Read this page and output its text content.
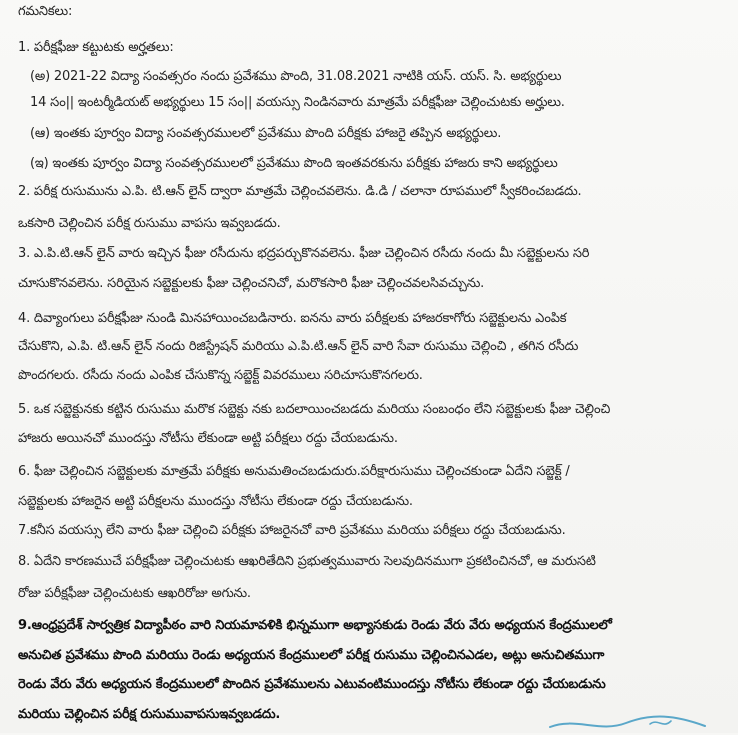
గమనికలు:
1. పరీక్షఫీజు కట్టుటకు అర్హతలు:
(అ) 2021-22 విద్యా సంవత్సరం నందు ప్రవేశము పొంది, 31.08.2021 నాటికి యస్. యస్. సి. అభ్యర్థులు
14 సం|| ఇంటర్మీడియట్ అభ్యర్థులు 15 సం|| వయస్సు నిండినవారు మాత్రమే పరీక్షఫీజు చెల్లించుటకు అర్హులు.
(ఆ) ఇంతకు పూర్వం విద్యా సంవత్సరములలో ప్రవేశము పొంది పరీక్షకు హాజరై తప్పిన అభ్యర్థులు.
(ఇ) ఇంతకు పూర్వం విద్యా సంవత్సరములలో ప్రవేశము పొంది ఇంతవరకును పరీక్షకు హాజరు కాని అభ్యర్థులు
2. పరీక్ష రుసుమును ఎ.పి. టి.ఆన్ లైన్ ద్వారా మాత్రమే చెల్లించవలెను. డి.డి / చలానా రూపములో స్వీకరించబడదు.
ఒకసారి చెల్లించిన పరీక్ష రుసుము వాపసు ఇవ్వబడదు.
3. ఎ.పి.టి.ఆన్ లైన్ వారు ఇచ్చిన ఫీజు రసీదును భద్రపర్చుకొనవలెను. ఫీజు చెల్లించిన రసీదు నందు మీ సబ్జెక్టులను సరి
చూసుకొనవలెను. సరియైన సబ్జెక్టులకు ఫీజు చెల్లించనిచో, మరొకసారి ఫీజు చెల్లించవలసివచ్చును.
4. దివ్యాంగులు పరీక్షఫీజు నుండి మినహాయించబడినారు. ఐనను వారు పరీక్షలకు హాజరకాగోరు సబ్జెక్టులను ఎంపిక
చేసుకొని, ఎ.పి. టి.ఆన్ లైన్ నందు రిజిస్ట్రేషన్ మరియు ఎ.పి.టి.ఆన్ లైన్ వారి సేవా రుసుము చెల్లించి , తగిన రసీదు
పొందగలరు. రసీదు నందు ఎంపిక చేసుకొన్న సబ్జెక్ట్ వివరములు సరిచూసుకొనగలరు.
5. ఒక సబ్జెక్టునకు కట్టిన రుసుము మరొక సబ్జెక్టు నకు బదలాయించబడదు మరియు సంబంధం లేని సబ్జెక్టులకు ఫీజు చెల్లించి
హాజరు అయినచో ముందస్తు నోటీసు లేకుండా అట్టి పరీక్షలు రద్దు చేయబడును.
6. ఫీజు చెల్లించిన సబ్జెక్టులకు మాత్రమే పరీక్షకు అనుమతించబడుదురు.పరీక్షారుసుము చెల్లించకుండా ఏదేని సబ్జెక్ట్ /
సబ్జెక్టులకు హాజరైన అట్టి పరీక్షలను ముందస్తు నోటీసు లేకుండా రద్దు చేయబడును.
7.కనీస వయస్సు లేని వారు ఫీజు చెల్లించి పరీక్షకు హాజరైనచో వారి ప్రవేశము మరియు పరీక్షలు రద్దు చేయబడును.
8. ఏదేని కారణముచే పరీక్షఫీజు చెల్లించుటకు ఆఖరితేదిని ప్రభుత్వమువారు సెలవుదినముగా ప్రకటించినచో, ఆ మరుసటి
రోజు పరీక్షఫీజు చెల్లించుటకు ఆఖరిరోజు అగును.
9.ఆంధ్రప్రదేశ్ సార్వత్రిక విద్యాపీఠం వారి నియమావళికి భిన్నముగా అభ్యాసకుడు రెండు వేరు వేరు అధ్యయన కేంద్రములలో
అనుచిత ప్రవేశము పొంది మరియు రెండు అధ్యయన కేంద్రములలో పరీక్ష రుసుము చెల్లించినఎడల, అట్లు అనుచితముగా
రెండు వేరు వేరు అధ్యయన కేంద్రములలో పొందిన ప్రవేశములను ఎటువంటిముందస్తు నోటీసు లేకుండా రద్దు చేయబడును
మరియు చెల్లించిన పరీక్ష రుసుమువాపసుఇవ్వబడదు.
